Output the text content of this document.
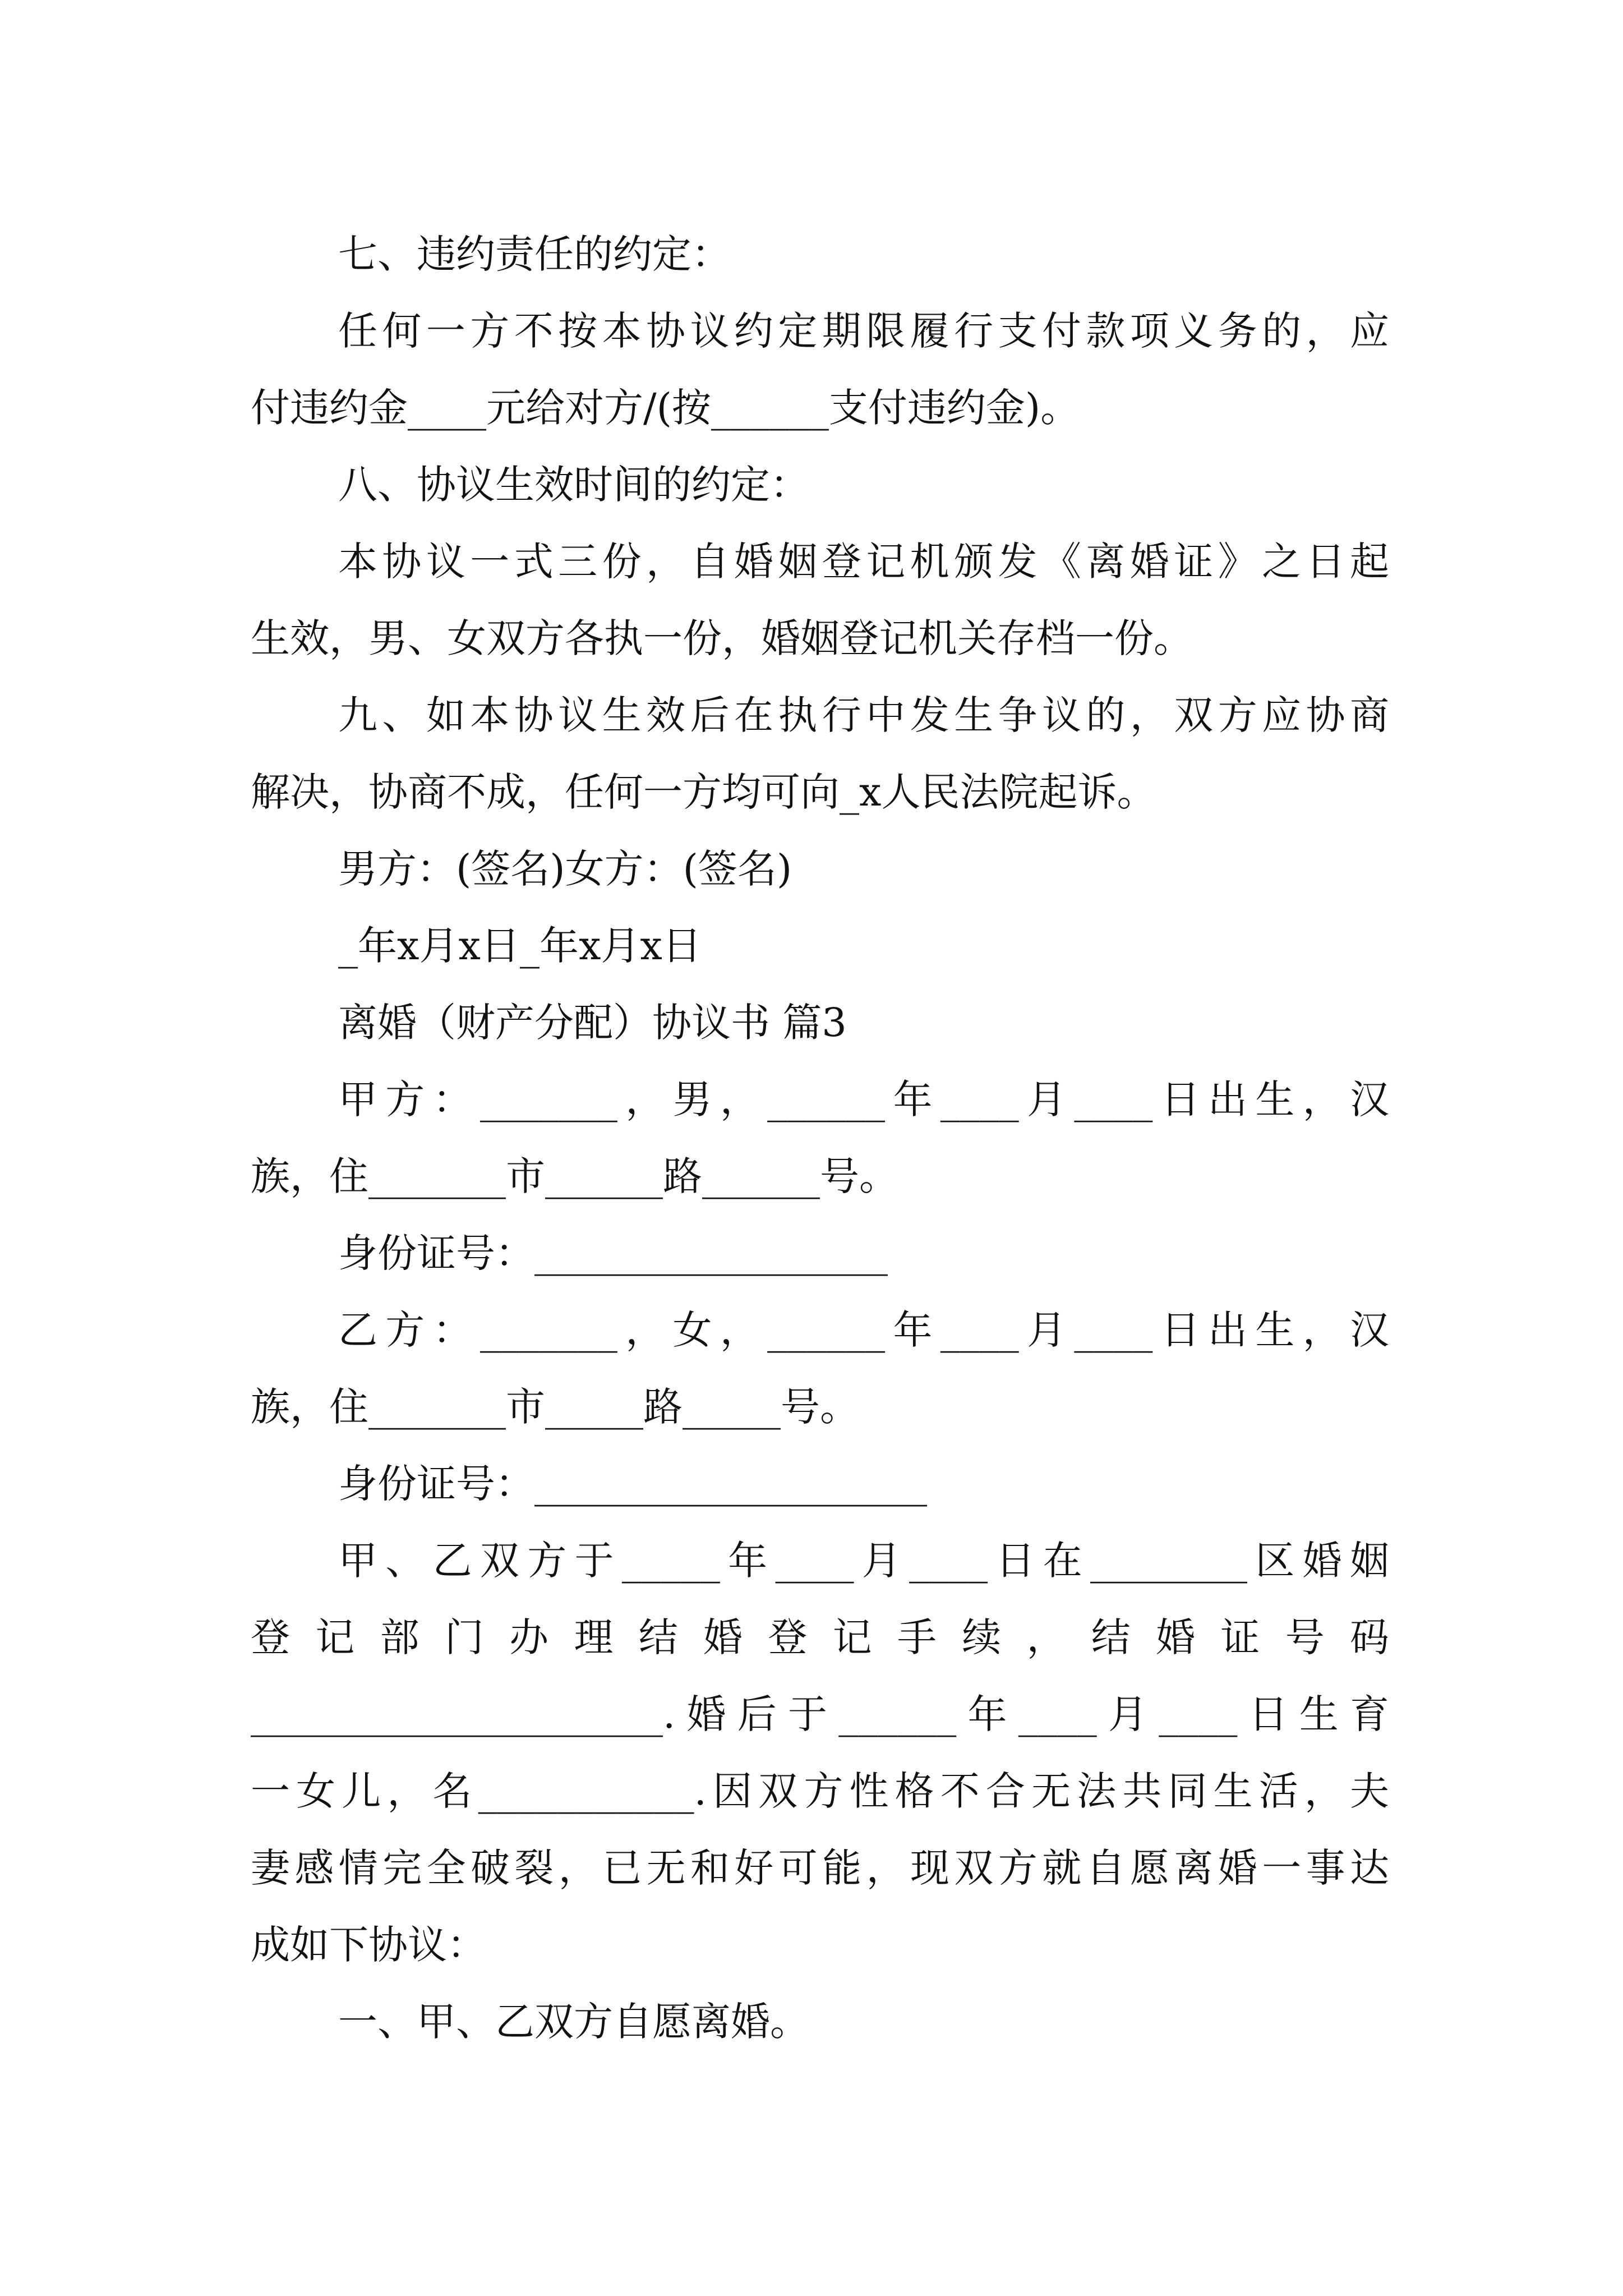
七、违约责任的约定：
任何一方不按本协议约定期限履行支付款项义务的，应
付违约金____元给对方/(按______支付违约金)。
八、协议生效时间的约定：
本协议一式三份，自婚姻登记机颁发《离婚证》之日起
生效，男、女双方各执一份，婚姻登记机关存档一份。
九、如本协议生效后在执行中发生争议的，双方应协商
解决，协商不成，任何一方均可向_x人民法院起诉。
男方：(签名)女方：(签名)
_年x月x日_年x月x日
离婚（财产分配）协议书 篇3
甲方：_______，男，______年____月____日出生，汉
族，住_______市______路______号。
身份证号：__________________
乙方：_______，女，______年____月____日出生，汉
族，住_______市_____路_____号。
身份证号：____________________
甲、乙双方于_____年____月____日在________区婚姻
登 记 部 门 办 理 结 婚 登 记 手 续 ， 结 婚 证 号 码
_____________________.婚后于______年____月____日生育
一女儿，名___________.因双方性格不合无法共同生活，夫
妻感情完全破裂，已无和好可能，现双方就自愿离婚一事达
成如下协议：
一、甲、乙双方自愿离婚。
